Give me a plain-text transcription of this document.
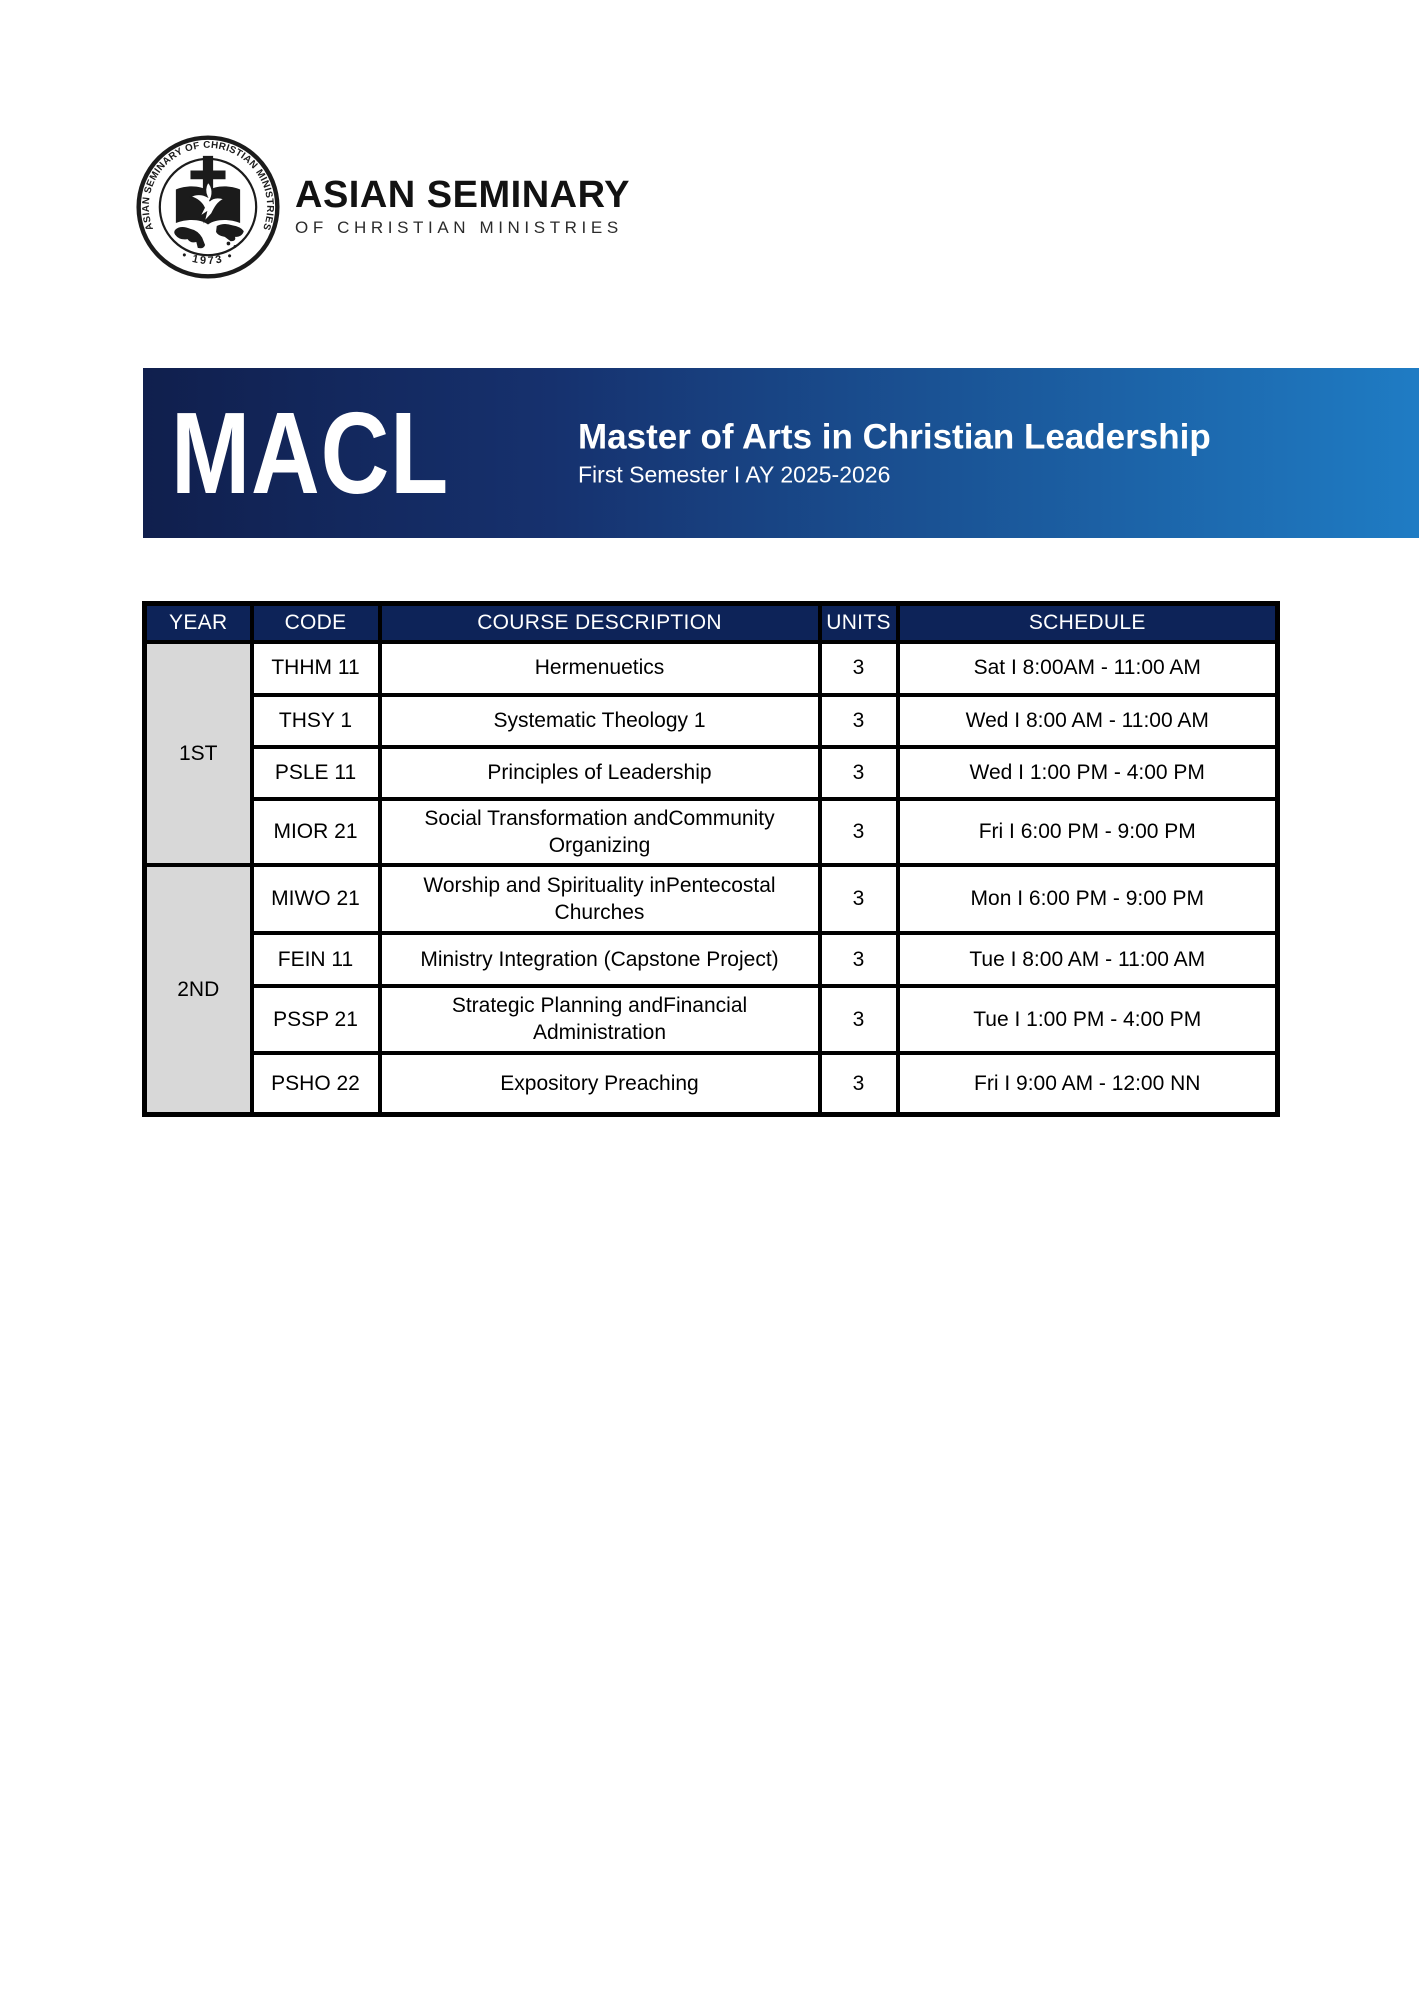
ASIAN SEMINARY OF CHRISTIAN MINISTRIES
• 1973 •
ASIAN SEMINARY
OF CHRISTIAN MINISTRIES
MACL	Master of Arts in Christian Leadership
First Semester I AY 2025-2026
YEAR	CODE	COURSE DESCRIPTION	UNITS	SCHEDULE
1ST	THHM 11	Hermenuetics	3	Sat I 8:00AM - 11:00 AM
	THSY 1	Systematic Theology 1	3	Wed I 8:00 AM - 11:00 AM
	PSLE 11	Principles of Leadership	3	Wed I 1:00 PM - 4:00 PM
	MIOR 21	Social Transformation andCommunity Organizing	3	Fri I 6:00 PM - 9:00 PM
2ND	MIWO 21	Worship and Spirituality inPentecostal Churches	3	Mon I 6:00 PM - 9:00 PM
	FEIN 11	Ministry Integration (Capstone Project)	3	Tue I 8:00 AM - 11:00 AM
	PSSP 21	Strategic Planning andFinancial Administration	3	Tue I 1:00 PM - 4:00 PM
	PSHO 22	Expository Preaching	3	Fri I 9:00 AM - 12:00 NN
